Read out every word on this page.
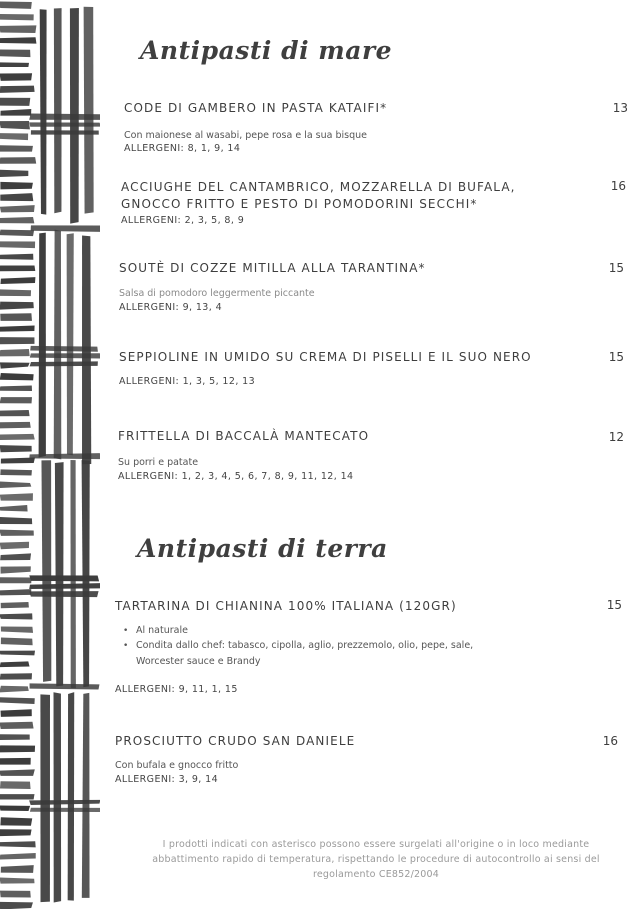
Antipasti di mare
CODE DI GAMBERO IN PASTA KATAIFI*	13
Con maionese al wasabi, pepe rosa e la sua bisque
ALLERGENI: 8, 1, 9, 14
ACCIUGHE DEL CANTAMBRICO, MOZZARELLA DI BUFALA, GNOCCO FRITTO E PESTO DI POMODORINI SECCHI*
16
ALLERGENI: 2, 3, 5, 8, 9
SOUTÈ DI COZZE MITILLA ALLA TARANTINA*	15
Salsa di pomodoro leggermente piccante
ALLERGENI: 9, 13, 4
SEPPIOLINE IN UMIDO SU CREMA DI PISELLI E IL SUO NERO	15
ALLERGENI: 1, 3, 5, 12, 13
FRITTELLA DI BACCALÀ MANTECATO	12
Su porri e patate
ALLERGENI: 1, 2, 3, 4, 5, 6, 7, 8, 9, 11, 12, 14
Antipasti di terra
TARTARINA DI CHIANINA 100% ITALIANA (120GR)	15
• Al naturale
• Condita dallo chef: tabasco, cipolla, aglio, prezzemolo, olio, pepe, sale,
Worcester sauce e Brandy
ALLERGENI: 9, 11, 1, 15
PROSCIUTTO CRUDO SAN DANIELE	16
Con bufala e gnocco fritto
ALLERGENI: 3, 9, 14
I prodotti indicati con asterisco possono essere surgelati all'origine o in loco mediante abbattimento rapido di temperatura, rispettando le procedure di autocontrollo ai sensi del regolamento CE852/2004
